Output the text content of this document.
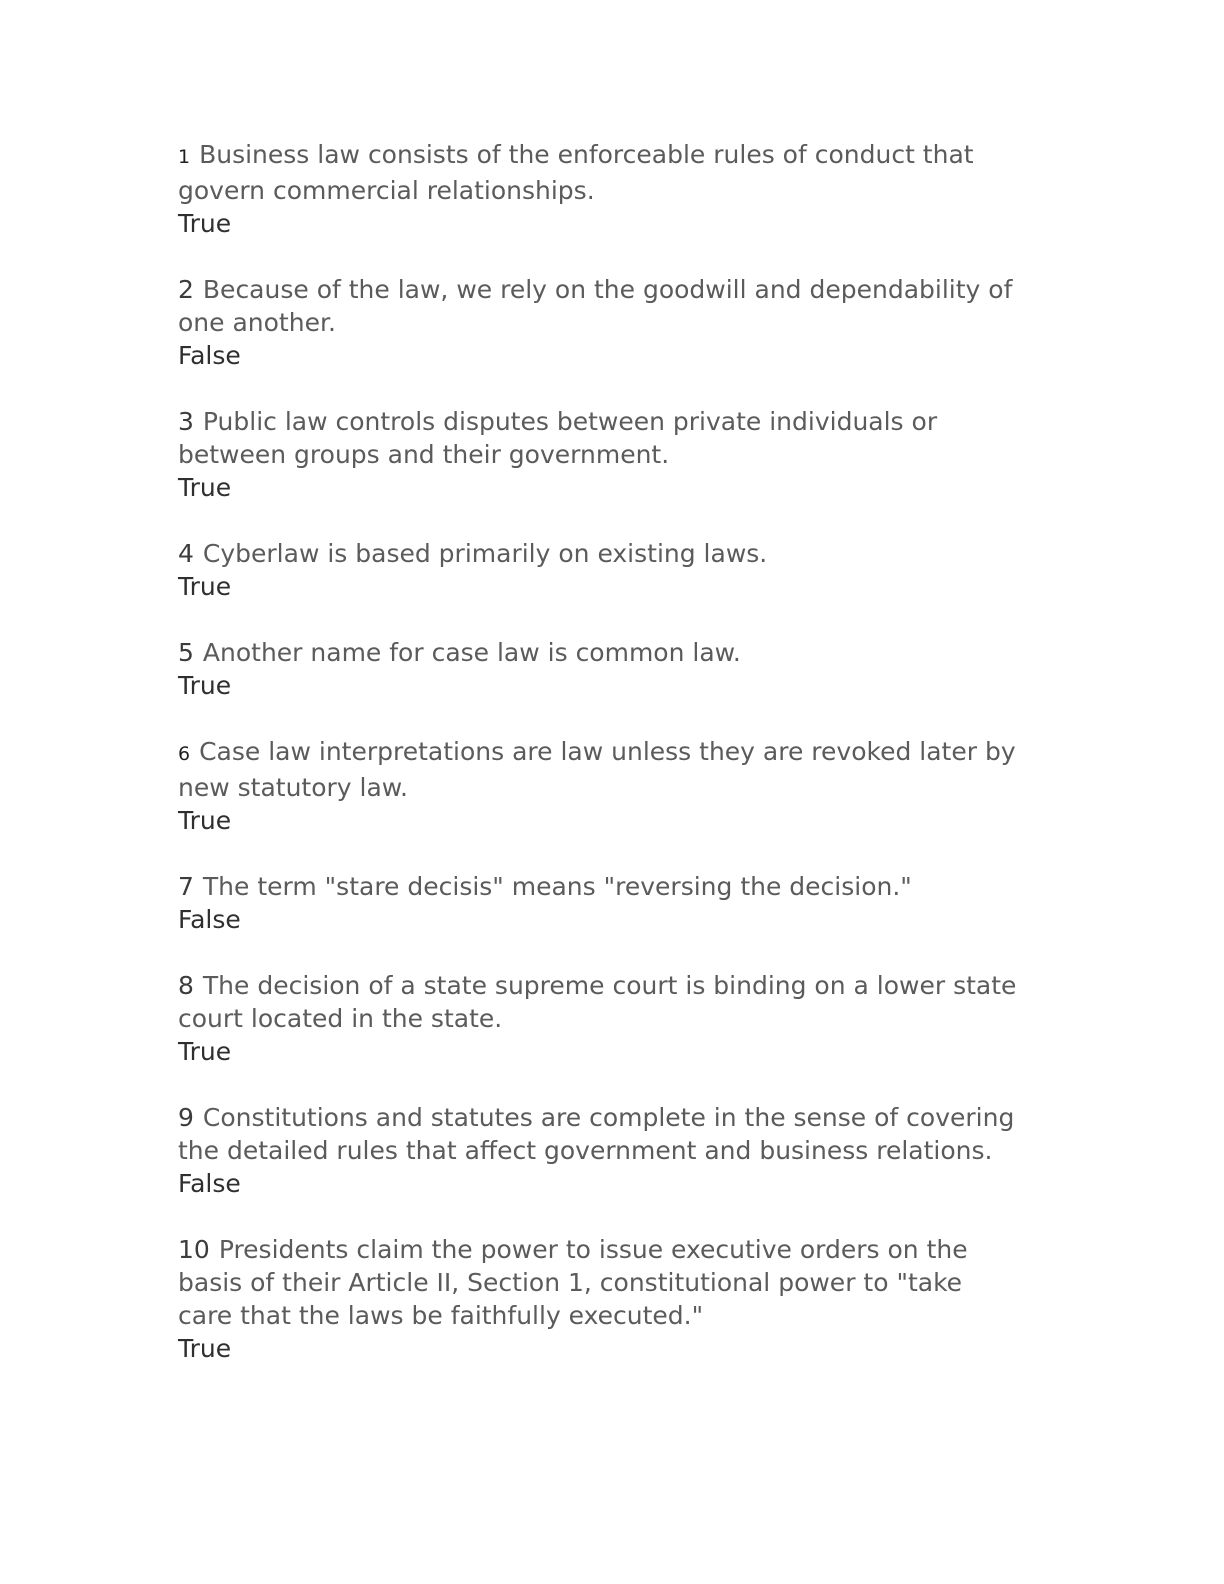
1 Business law consists of the enforceable rules of conduct that govern commercial relationships.

True

2 Because of the law, we rely on the goodwill and dependability of one another.

False

3 Public law controls disputes between private individuals or between groups and their government.

True

4 Cyberlaw is based primarily on existing laws.

True

5 Another name for case law is common law.

True

6 Case law interpretations are law unless they are revoked later by new statutory law.

True

7 The term "stare decisis" means "reversing the decision."

False

8 The decision of a state supreme court is binding on a lower state court located in the state.

True

9 Constitutions and statutes are complete in the sense of covering the detailed rules that affect government and business relations.

False

10 Presidents claim the power to issue executive orders on the basis of their Article II, Section 1, constitutional power to "take care that the laws be faithfully executed."

True
